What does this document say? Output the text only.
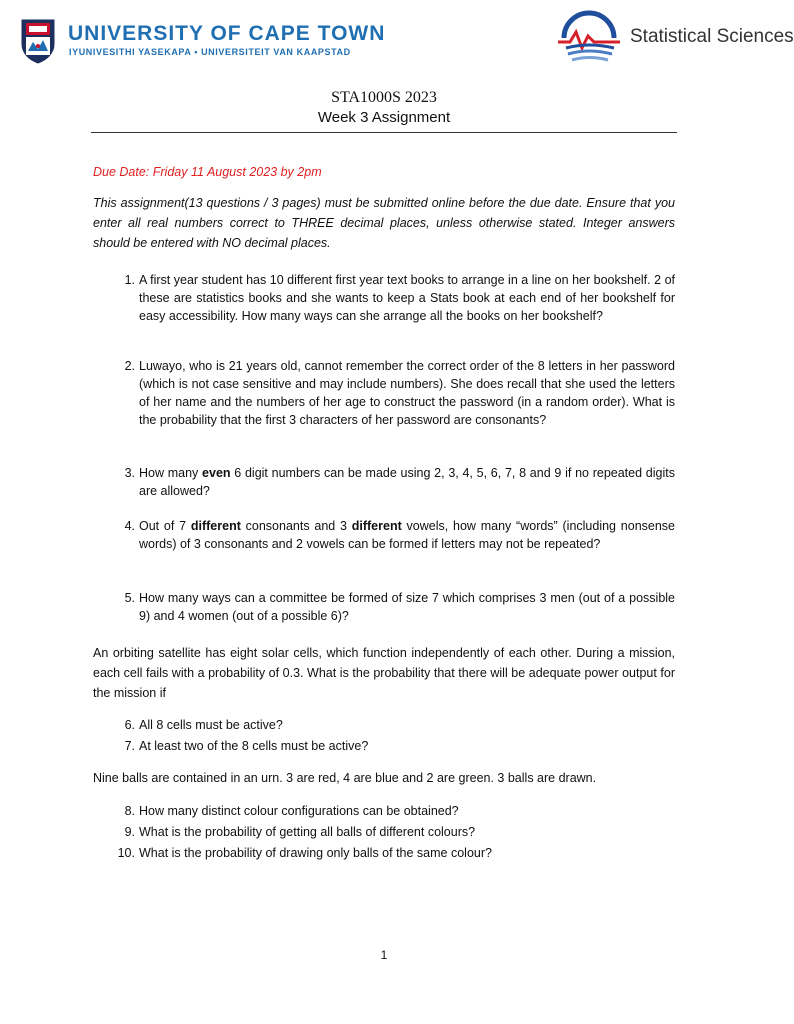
UNIVERSITY OF CAPE TOWN
IYUNIVESITHI YASEKAPA • UNIVERSITEIT VAN KAAPSTAD
Statistical Sciences
STA1000S 2023
Week 3 Assignment
Due Date: Friday 11 August 2023 by 2pm
This assignment(13 questions / 3 pages) must be submitted online before the due date. Ensure that you enter all real numbers correct to THREE decimal places, unless otherwise stated. Integer answers should be entered with NO decimal places.
1. A first year student has 10 different first year text books to arrange in a line on her bookshelf. 2 of these are statistics books and she wants to keep a Stats book at each end of her bookshelf for easy accessibility. How many ways can she arrange all the books on her bookshelf?
2. Luwayo, who is 21 years old, cannot remember the correct order of the 8 letters in her password (which is not case sensitive and may include numbers). She does recall that she used the letters of her name and the numbers of her age to construct the password (in a random order). What is the probability that the first 3 characters of her password are consonants?
3. How many even 6 digit numbers can be made using 2, 3, 4, 5, 6, 7, 8 and 9 if no repeated digits are allowed?
4. Out of 7 different consonants and 3 different vowels, how many “words” (including nonsense words) of 3 consonants and 2 vowels can be formed if letters may not be repeated?
5. How many ways can a committee be formed of size 7 which comprises 3 men (out of a possible 9) and 4 women (out of a possible 6)?
An orbiting satellite has eight solar cells, which function independently of each other. During a mission, each cell fails with a probability of 0.3. What is the probability that there will be adequate power output for the mission if
6. All 8 cells must be active?
7. At least two of the 8 cells must be active?
Nine balls are contained in an urn. 3 are red, 4 are blue and 2 are green. 3 balls are drawn.
8. How many distinct colour configurations can be obtained?
9. What is the probability of getting all balls of different colours?
10. What is the probability of drawing only balls of the same colour?
1
